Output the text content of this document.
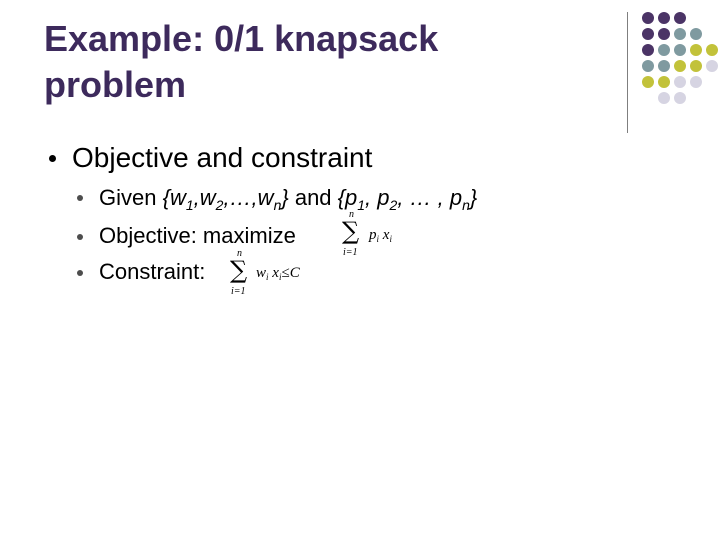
Example: 0/1 knapsack
problem
Objective and constraint
Given $\{w_1,w_2,\dots,w_n\}$ and {$p_1$, $p_2$, … , $p_n$}
Objective: maximize
n
∑
i=1
$p_i$ $x_i$
Constraint:
n
∑
i=1
$w_i$ $x_i\le C$
